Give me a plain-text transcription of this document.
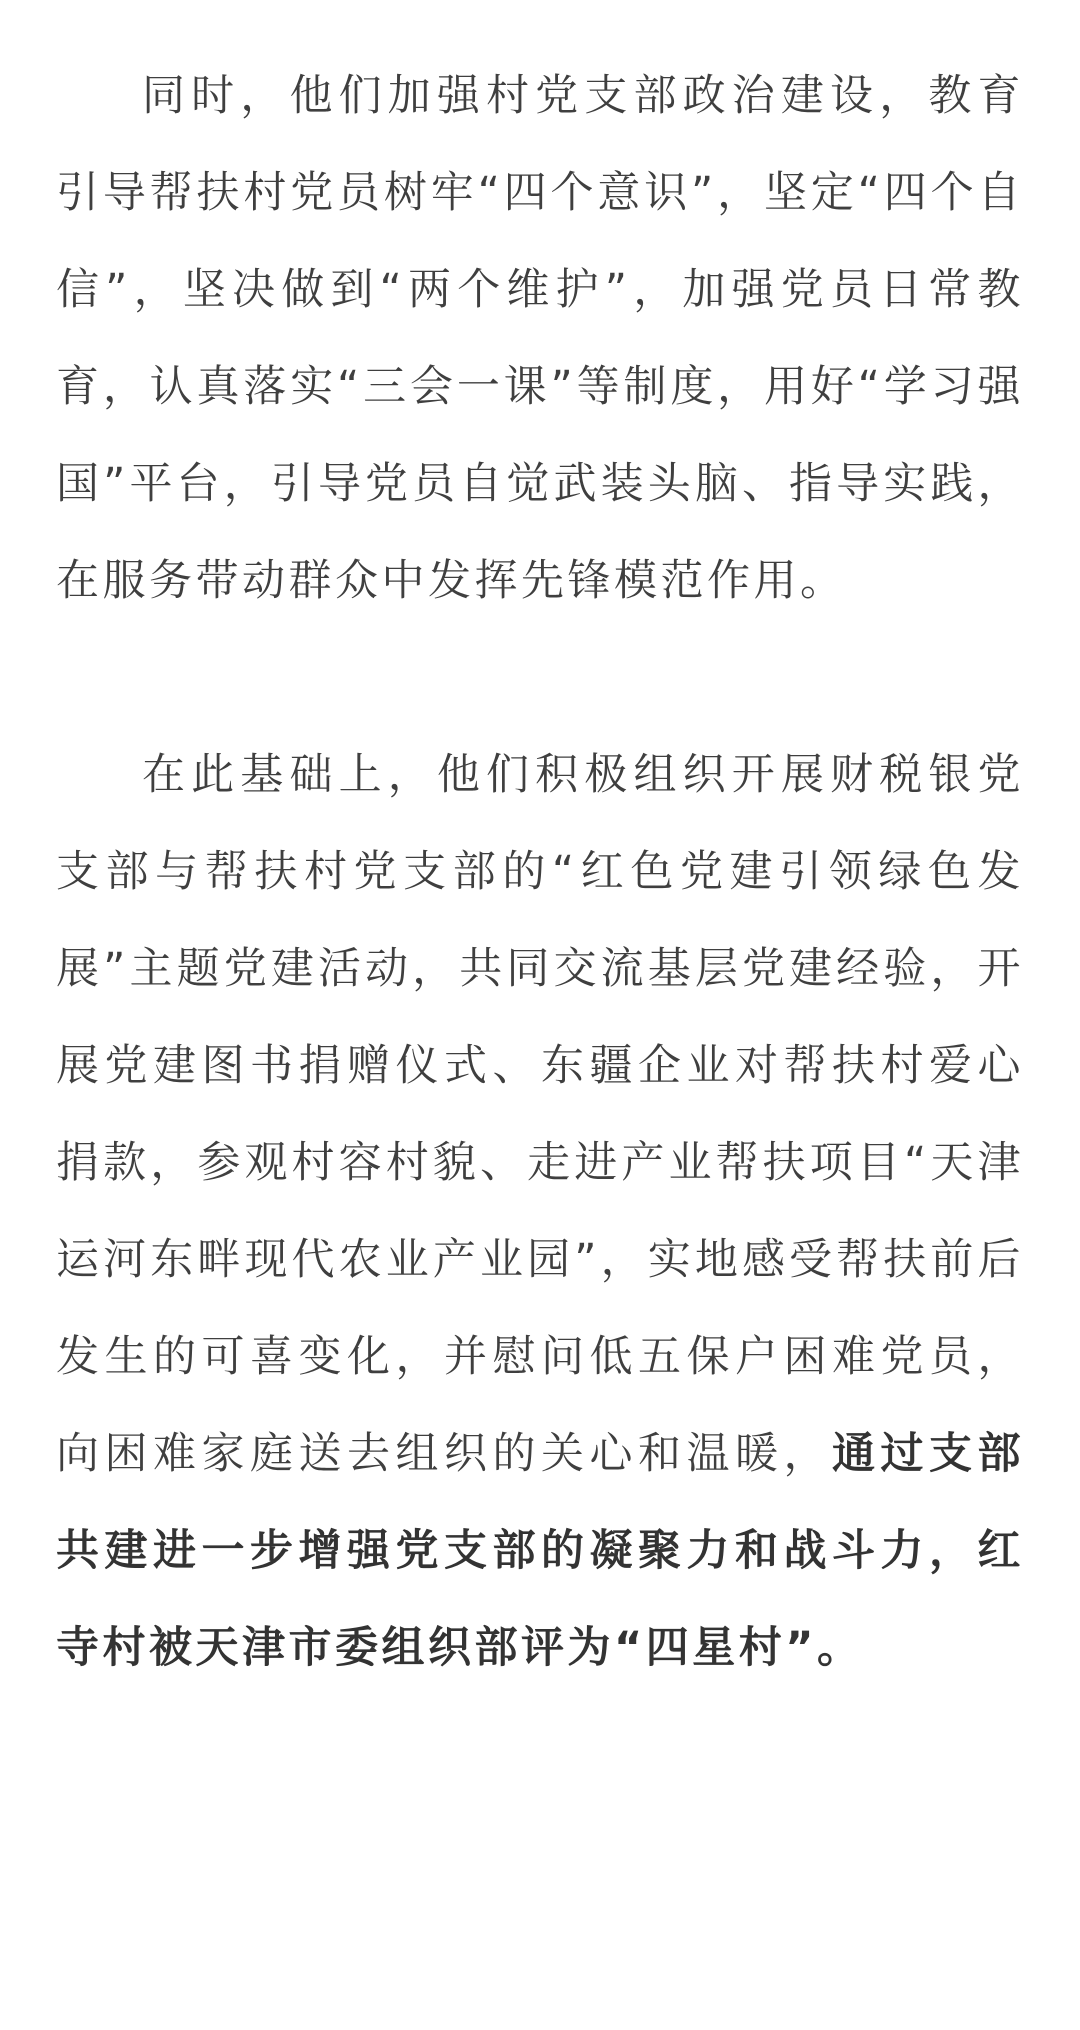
同时，他们加强村党支部政治建设，教育引导帮扶村党员树牢“四个意识”，坚定“四个自信”，坚决做到“两个维护”，加强党员日常教育，认真落实“三会一课”等制度，用好“学习强国”平台，引导党员自觉武装头脑、指导实践，在服务带动群众中发挥先锋模范作用。

在此基础上，他们积极组织开展财税银党支部与帮扶村党支部的“红色党建引领绿色发展”主题党建活动，共同交流基层党建经验，开展党建图书捐赠仪式、东疆企业对帮扶村爱心捐款，参观村容村貌、走进产业帮扶项目“天津运河东畔现代农业产业园”，实地感受帮扶前后发生的可喜变化，并慰问低五保户困难党员，向困难家庭送去组织的关心和温暖，通过支部共建进一步增强党支部的凝聚力和战斗力，红寺村被天津市委组织部评为“四星村”。
